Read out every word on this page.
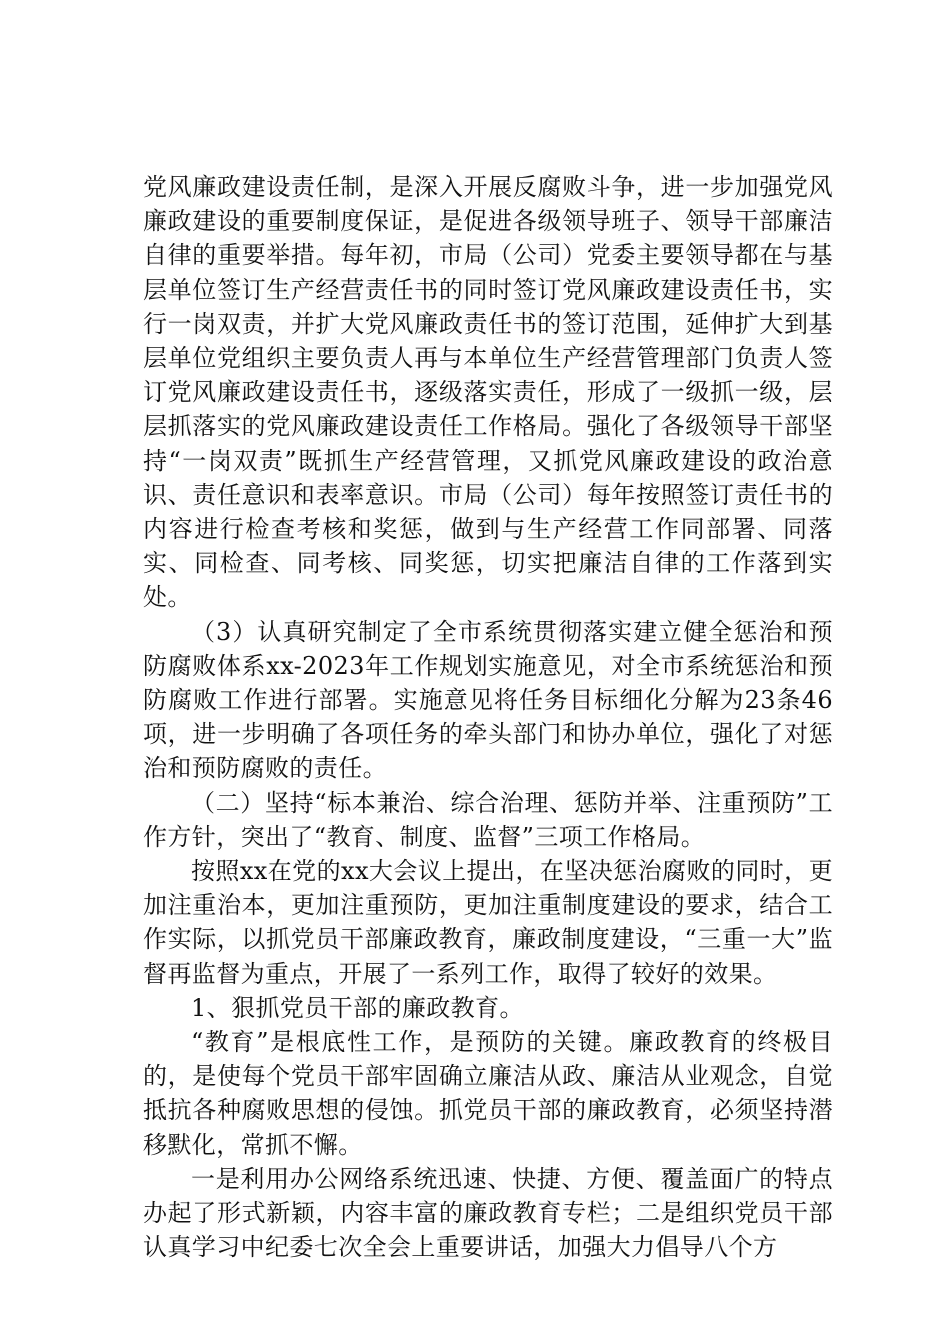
党风廉政建设责任制，是深入开展反腐败斗争，进一步加强党风廉政建设的重要制度保证，是促进各级领导班子、领导干部廉洁自律的重要举措。每年初，市局（公司）党委主要领导都在与基层单位签订生产经营责任书的同时签订党风廉政建设责任书，实行一岗双责，并扩大党风廉政责任书的签订范围，延伸扩大到基层单位党组织主要负责人再与本单位生产经营管理部门负责人签订党风廉政建设责任书，逐级落实责任，形成了一级抓一级，层层抓落实的党风廉政建设责任工作格局。强化了各级领导干部坚持“一岗双责”既抓生产经营管理，又抓党风廉政建设的政治意识、责任意识和表率意识。市局（公司）每年按照签订责任书的内容进行检查考核和奖惩，做到与生产经营工作同部署、同落实、同检查、同考核、同奖惩，切实把廉洁自律的工作落到实处。

（3）认真研究制定了全市系统贯彻落实建立健全惩治和预防腐败体系xx-2023年工作规划实施意见，对全市系统惩治和预防腐败工作进行部署。实施意见将任务目标细化分解为23条46项，进一步明确了各项任务的牵头部门和协办单位，强化了对惩治和预防腐败的责任。

（二）坚持“标本兼治、综合治理、惩防并举、注重预防”工作方针，突出了“教育、制度、监督”三项工作格局。

按照xx在党的xx大会议上提出，在坚决惩治腐败的同时，更加注重治本，更加注重预防，更加注重制度建设的要求，结合工作实际，以抓党员干部廉政教育，廉政制度建设，“三重一大”监督再监督为重点，开展了一系列工作，取得了较好的效果。

1、狠抓党员干部的廉政教育。

“教育”是根底性工作，是预防的关键。廉政教育的终极目的，是使每个党员干部牢固确立廉洁从政、廉洁从业观念，自觉抵抗各种腐败思想的侵蚀。抓党员干部的廉政教育，必须坚持潜移默化，常抓不懈。

一是利用办公网络系统迅速、快捷、方便、覆盖面广的特点办起了形式新颖，内容丰富的廉政教育专栏；二是组织党员干部认真学习中纪委七次全会上重要讲话，加强大力倡导八个方
